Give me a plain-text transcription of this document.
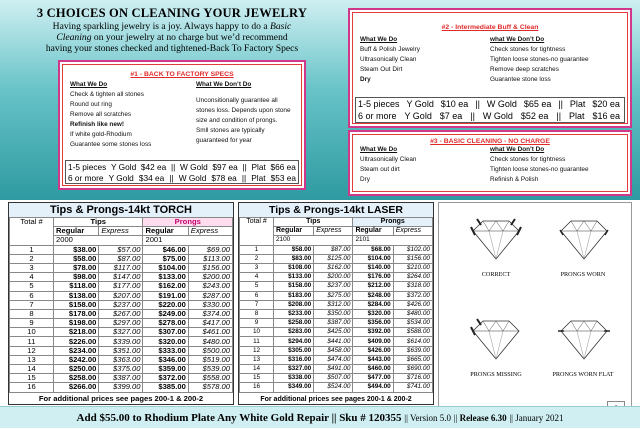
3 CHOICES ON CLEANING YOUR JEWELRY

Having sparkling jewelry is a joy. Always happy to do a Basic

Cleaning on your jewelry at no charge but we’d recommend

having your stones checked and tightened-Back To Factory Specs

#1 - BACK TO FACTORY SPECS
What We Do
Check & tighten all stones
Round out ring
Remove all scratches
Refinish like new!
If white gold-Rhodium
Guarantee some stones loss
What We Don’t Do
Unconsitionally guarantee all
stones loss. Depends upon stone
size and condition of prongs.
Smll stones are typically
guaranteed for year
1-5 pieces Y Gold $42 ea || W Gold $97 ea || Plat $66 ea
6 or more Y Gold $34 ea || W Gold $78 ea || Plat $53 ea
#2 - Intermediate Buff & Clean
What We Do
Buff & Polish Jewelry
Ultrasonically Clean
Steam Out Dirt
Dry
what We Don’t Do
Check stones for tightness
Tighten loose stones-no guarantee
Remove deep scratches
Guarantee stone loss
1-5 pieces Y Gold $10 ea || W Gold $65 ea || Plat $20 ea
6 or more Y Gold $7 ea || W Gold $52 ea || Plat $16 ea
#3 - BASIC CLEANING - NO CHARGE
What We Do
Ultrasonically Clean
Steam out dirt
Dry
what We Don’t Do
Check stones for tightness
Tighten loose stones-no guarantee
Refinish & Polish
Tips & Prongs-14kt TORCH
Total #	Tips		Prongs	
	Regular	Express	Regular	Express
	2000		2001	
1	$38.00	$57.00	$46.00	$69.00
2	$58.00	$87.00	$75.00	$113.00
3	$78.00	$117.00	$104.00	$156.00
4	$98.00	$147.00	$133.00	$200.00
5	$118.00	$177.00	$162.00	$243.00
6	$138.00	$207.00	$191.00	$287.00
7	$158.00	$237.00	$220.00	$330.00
8	$178.00	$267.00	$249.00	$374.00
9	$198.00	$297.00	$278.00	$417.00
10	$218.00	$327.00	$307.00	$461.00
11	$226.00	$339.00	$320.00	$480.00
12	$234.00	$351.00	$333.00	$500.00
13	$242.00	$363.00	$346.00	$519.00
14	$250.00	$375.00	$359.00	$539.00
15	$258.00	$387.00	$372.00	$558.00
16	$266.00	$399.00	$385.00	$578.00
For additional prices see pages 200-1 & 200-2
Tips & Prongs-14kt LASER
Total #	Tips		Prongs	
	Regular	Express	Regular	Express
	2100		2101	
1	$58.00	$87.00	$68.00	$102.00
2	$83.00	$125.00	$104.00	$156.00
3	$108.00	$162.00	$140.00	$210.00
4	$133.00	$200.00	$176.00	$264.00
5	$158.00	$237.00	$212.00	$318.00
6	$183.00	$275.00	$248.00	$372.00
7	$208.00	$312.00	$284.00	$426.00
8	$233.00	$350.00	$320.00	$480.00
9	$258.00	$387.00	$356.00	$534.00
10	$283.00	$425.00	$392.00	$588.00
11	$294.00	$441.00	$409.00	$614.00
12	$305.00	$458.00	$426.00	$639.00
13	$316.00	$474.00	$443.00	$665.00
14	$327.00	$491.00	$460.00	$690.00
15	$338.00	$507.00	$477.00	$716.00
16	$349.00	$524.00	$494.00	$741.00
For additional prices see pages 200-1 & 200-2
CORRECT	PRONGS WORN
PRONGS MISSING	PRONGS WORN FLAT
Add $55.00 to Rhodium Plate Any White Gold Repair || Sku # 120355 || Version 5.0 || Release 6.30 || January 2021
